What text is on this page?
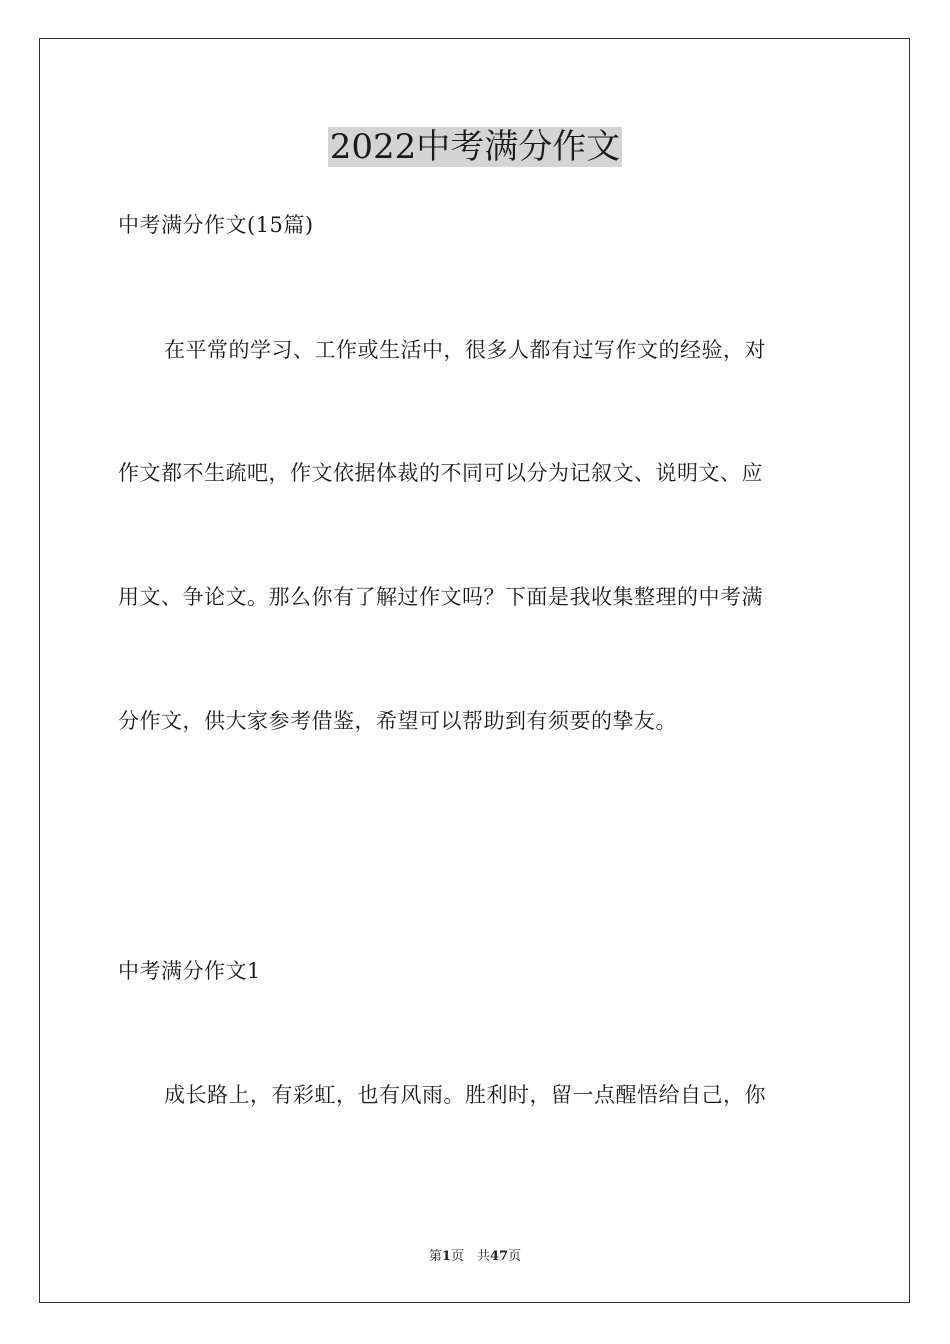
2022中考满分作文
中考满分作文(15篇)
在平常的学习、工作或生活中，很多人都有过写作文的经验，对
作文都不生疏吧，作文依据体裁的不同可以分为记叙文、说明文、应
用文、争论文。那么你有了解过作文吗？下面是我收集整理的中考满
分作文，供大家参考借鉴，希望可以帮助到有须要的挚友。
中考满分作文1
成长路上，有彩虹，也有风雨。胜利时，留一点醒悟给自己，你
第1页　共47页
